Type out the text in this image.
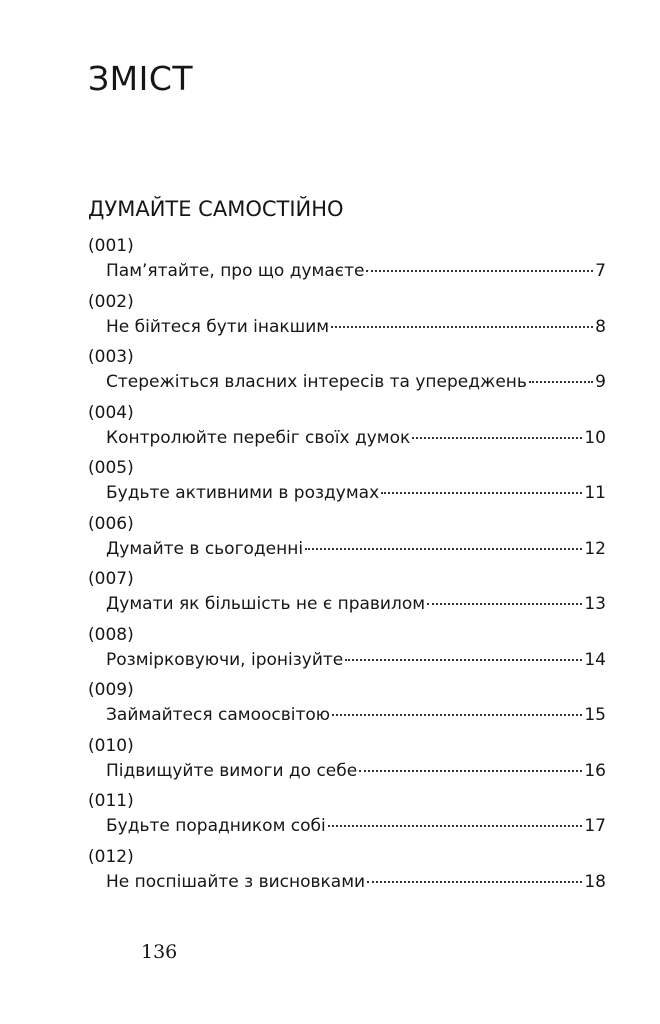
ЗМІСТ
ДУМАЙТЕ САМОСТІЙНО
(001)
Пам’ятайте, про що думаєте	7
(002)
Не бійтеся бути інакшим	8
(003)
Стережіться власних інтересів та упереджень	9
(004)
Контролюйте перебіг своїх думок	10
(005)
Будьте активними в роздумах	11
(006)
Думайте в сьогоденні	12
(007)
Думати як більшість не є правилом	13
(008)
Розмірковуючи, іронізуйте	14
(009)
Займайтеся самоосвітою	15
(010)
Підвищуйте вимоги до себе	16
(011)
Будьте порадником собі	17
(012)
Не поспішайте з висновками	18
136
